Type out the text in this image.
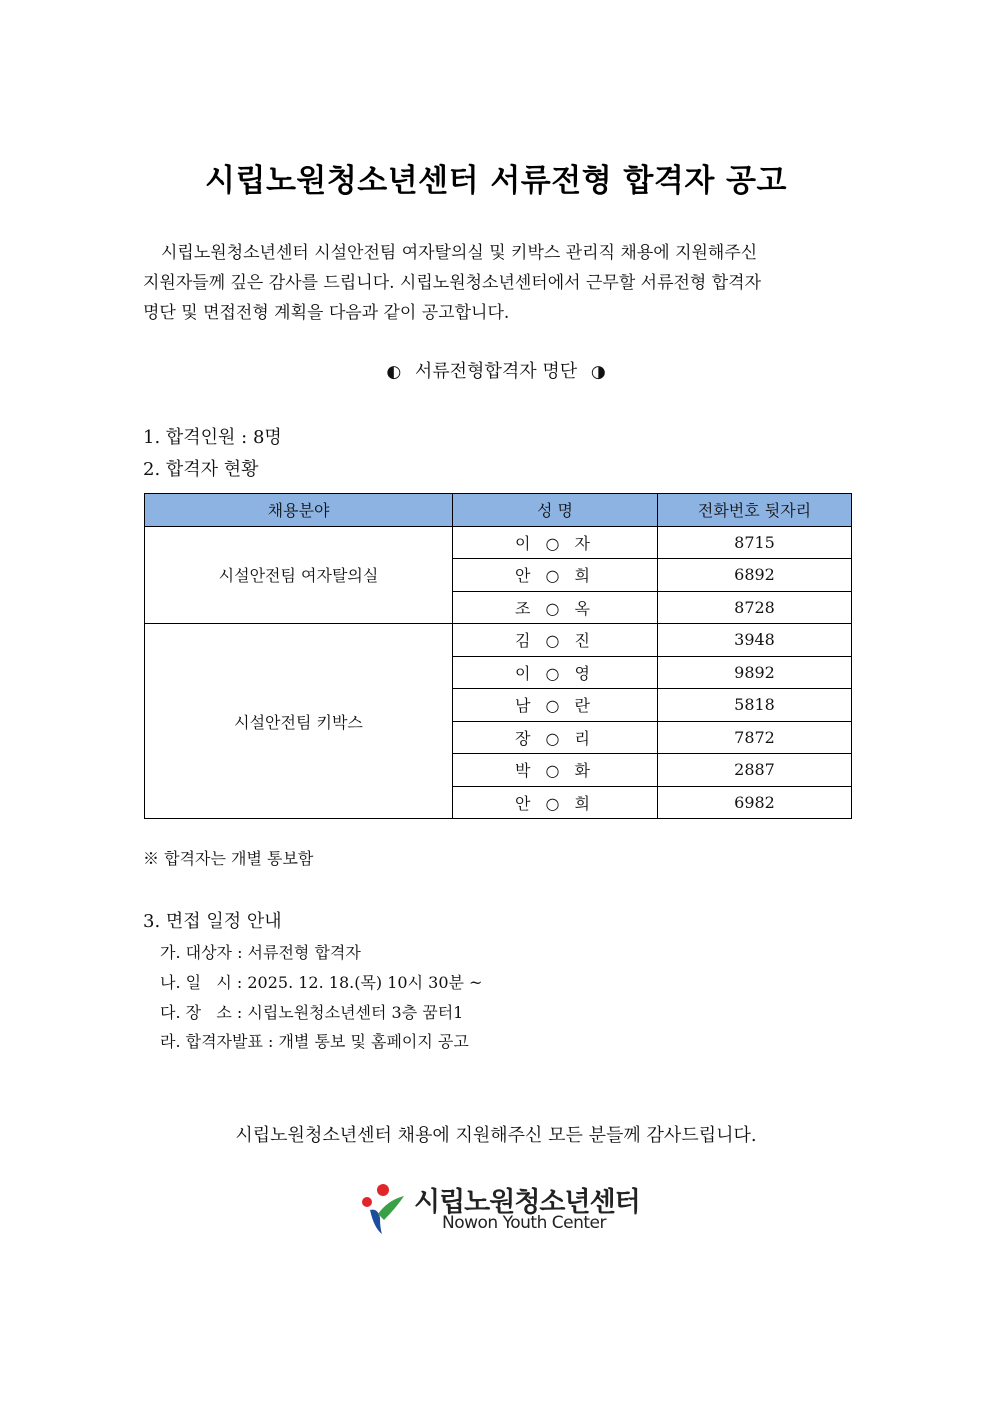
시립노원청소년센터 서류전형 합격자 공고
시립노원청소년센터 시설안전팀 여자탈의실 및 키박스 관리직 채용에 지원해주신
지원자들께 깊은 감사를 드립니다. 시립노원청소년센터에서 근무할 서류전형 합격자
명단 및 면접전형 계획을 다음과 같이 공고합니다.
◐ 서류전형합격자 명단 ◑
1. 합격인원 : 8명
2. 합격자 현황
채용분야	성 명	전화번호 뒷자리
시설안전팀 여자탈의실	이 ○ 자	8715
	안 ○ 희	6892
	조 ○ 옥	8728
시설안전팀 키박스	김 ○ 진	3948
	이 ○ 영	9892
	남 ○ 란	5818
	장 ○ 리	7872
	박 ○ 화	2887
	안 ○ 희	6982
※ 합격자는 개별 통보함
3. 면접 일정 안내
가. 대상자 : 서류전형 합격자
나. 일   시 : 2025. 12. 18.(목) 10시 30분 ~
다. 장   소 : 시립노원청소년센터 3층 꿈터1
라. 합격자발표 : 개별 통보 및 홈페이지 공고
시립노원청소년센터 채용에 지원해주신 모든 분들께 감사드립니다.
시립노원청소년센터
Nowon Youth Center
